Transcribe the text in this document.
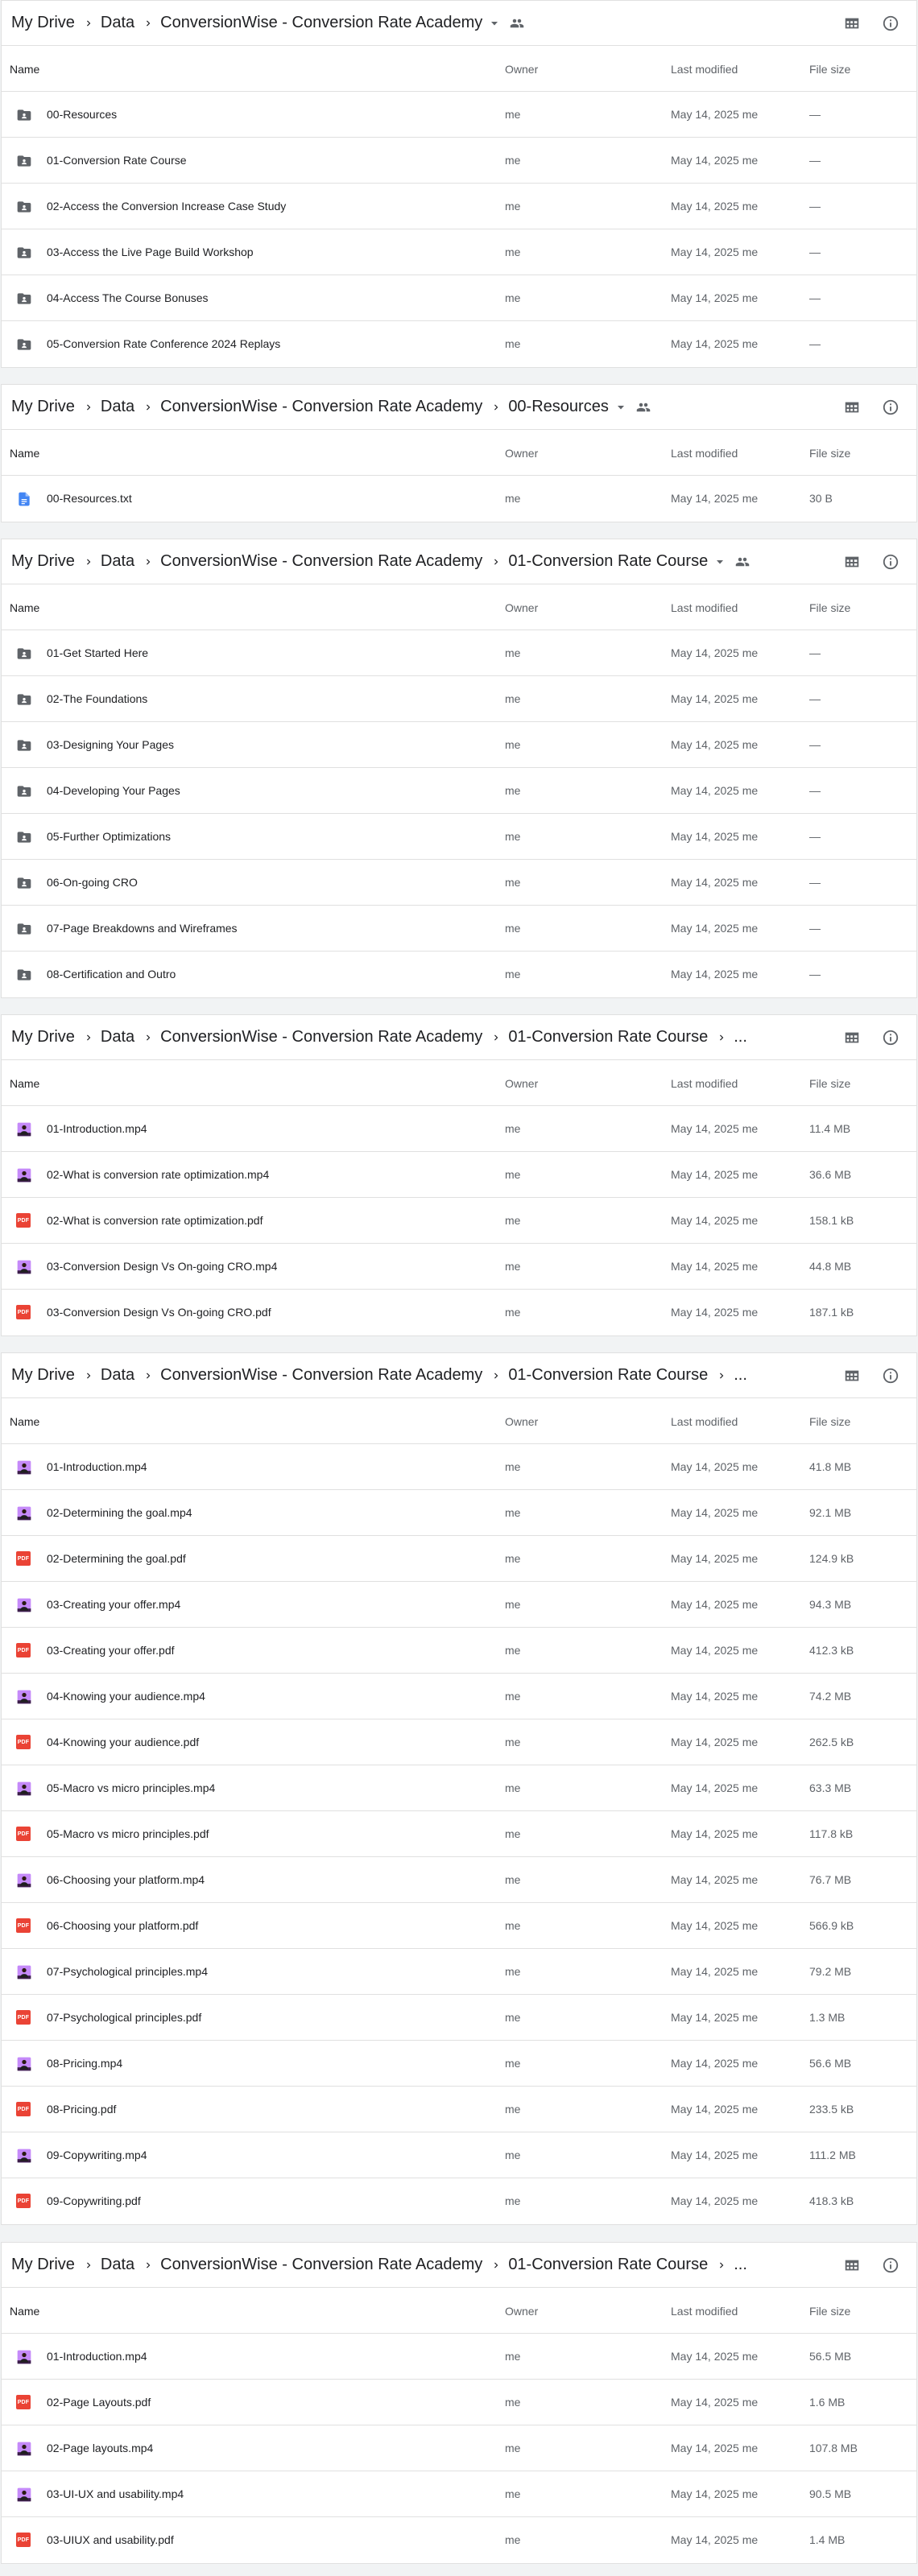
My Drive Data ConversionWise - Conversion Rate Academy
Name	Owner	Last modified	File size
00-Resources	me	May 14, 2025 me	—
01-Conversion Rate Course	me	May 14, 2025 me	—
02-Access the Conversion Increase Case Study	me	May 14, 2025 me	—
03-Access the Live Page Build Workshop	me	May 14, 2025 me	—
04-Access The Course Bonuses	me	May 14, 2025 me	—
05-Conversion Rate Conference 2024 Replays	me	May 14, 2025 me	—
My Drive Data ConversionWise - Conversion Rate Academy 00-Resources
Name	Owner	Last modified	File size
00-Resources.txt	me	May 14, 2025 me	30 B
My Drive Data ConversionWise - Conversion Rate Academy 01-Conversion Rate Course
Name	Owner	Last modified	File size
01-Get Started Here	me	May 14, 2025 me	—
02-The Foundations	me	May 14, 2025 me	—
03-Designing Your Pages	me	May 14, 2025 me	—
04-Developing Your Pages	me	May 14, 2025 me	—
05-Further Optimizations	me	May 14, 2025 me	—
06-On-going CRO	me	May 14, 2025 me	—
07-Page Breakdowns and Wireframes	me	May 14, 2025 me	—
08-Certification and Outro	me	May 14, 2025 me	—
My Drive Data ConversionWise - Conversion Rate Academy 01-Conversion Rate Course ...
Name	Owner	Last modified	File size
01-Introduction.mp4	me	May 14, 2025 me	11.4 MB
02-What is conversion rate optimization.mp4	me	May 14, 2025 me	36.6 MB
PDF 02-What is conversion rate optimization.pdf	me	May 14, 2025 me	158.1 kB
03-Conversion Design Vs On-going CRO.mp4	me	May 14, 2025 me	44.8 MB
PDF 03-Conversion Design Vs On-going CRO.pdf	me	May 14, 2025 me	187.1 kB
My Drive Data ConversionWise - Conversion Rate Academy 01-Conversion Rate Course ...
Name	Owner	Last modified	File size
01-Introduction.mp4	me	May 14, 2025 me	41.8 MB
02-Determining the goal.mp4	me	May 14, 2025 me	92.1 MB
PDF 02-Determining the goal.pdf	me	May 14, 2025 me	124.9 kB
03-Creating your offer.mp4	me	May 14, 2025 me	94.3 MB
PDF 03-Creating your offer.pdf	me	May 14, 2025 me	412.3 kB
04-Knowing your audience.mp4	me	May 14, 2025 me	74.2 MB
PDF 04-Knowing your audience.pdf	me	May 14, 2025 me	262.5 kB
05-Macro vs micro principles.mp4	me	May 14, 2025 me	63.3 MB
PDF 05-Macro vs micro principles.pdf	me	May 14, 2025 me	117.8 kB
06-Choosing your platform.mp4	me	May 14, 2025 me	76.7 MB
PDF 06-Choosing your platform.pdf	me	May 14, 2025 me	566.9 kB
07-Psychological principles.mp4	me	May 14, 2025 me	79.2 MB
PDF 07-Psychological principles.pdf	me	May 14, 2025 me	1.3 MB
08-Pricing.mp4	me	May 14, 2025 me	56.6 MB
PDF 08-Pricing.pdf	me	May 14, 2025 me	233.5 kB
09-Copywriting.mp4	me	May 14, 2025 me	111.2 MB
PDF 09-Copywriting.pdf	me	May 14, 2025 me	418.3 kB
My Drive Data ConversionWise - Conversion Rate Academy 01-Conversion Rate Course ...
Name	Owner	Last modified	File size
01-Introduction.mp4	me	May 14, 2025 me	56.5 MB
PDF 02-Page Layouts.pdf	me	May 14, 2025 me	1.6 MB
02-Page layouts.mp4	me	May 14, 2025 me	107.8 MB
03-UI-UX and usability.mp4	me	May 14, 2025 me	90.5 MB
PDF 03-UIUX and usability.pdf	me	May 14, 2025 me	1.4 MB
